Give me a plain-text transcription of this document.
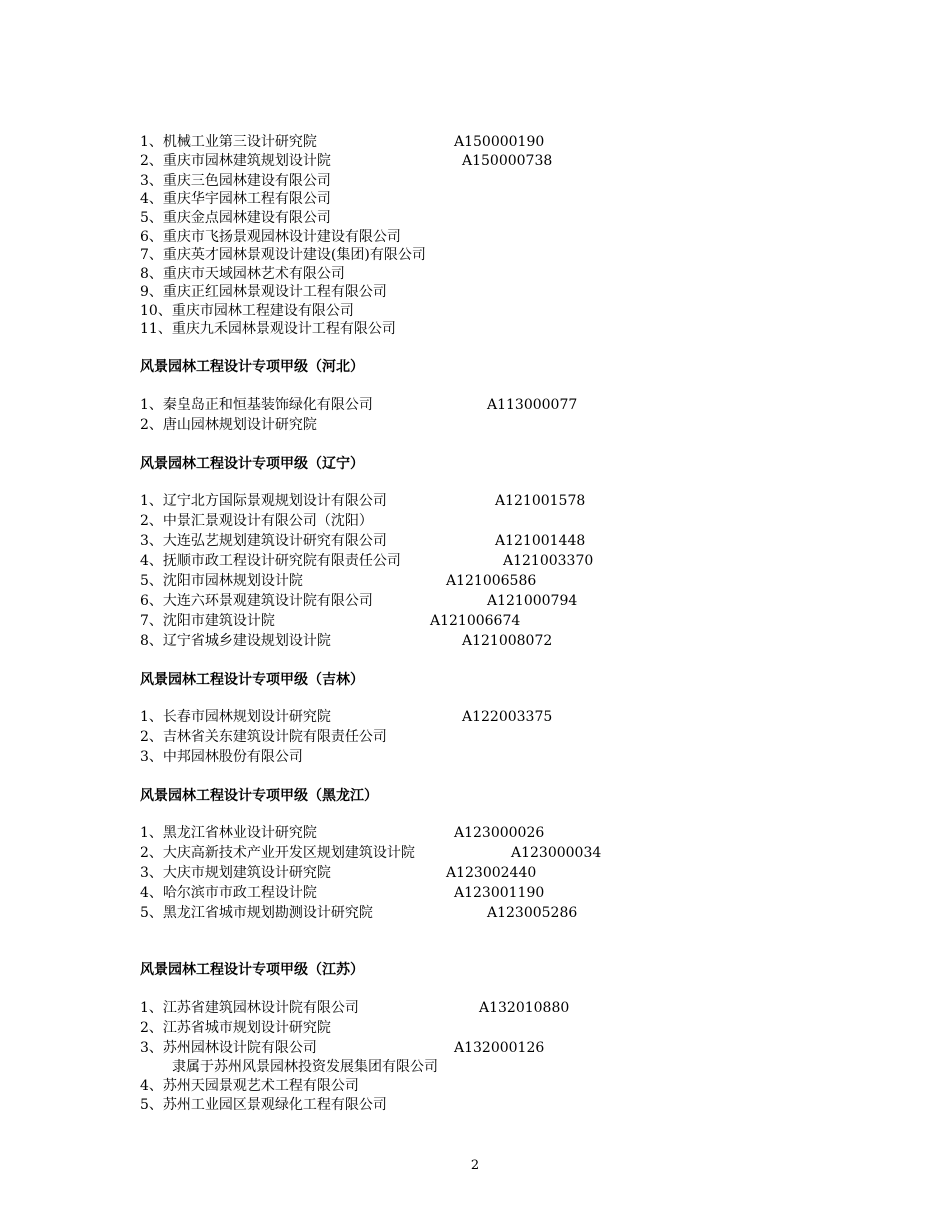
1、机械工业第三设计研究院	A150000190
2、重庆市园林建筑规划设计院	A150000738
3、重庆三色园林建设有限公司
4、重庆华宇园林工程有限公司
5、重庆金点园林建设有限公司
6、重庆市飞扬景观园林设计建设有限公司
7、重庆英才园林景观设计建设(集团)有限公司
8、重庆市天域园林艺术有限公司
9、重庆正红园林景观设计工程有限公司
10、重庆市园林工程建设有限公司
11、重庆九禾园林景观设计工程有限公司
风景园林工程设计专项甲级（河北）
1、秦皇岛正和恒基装饰绿化有限公司	A113000077
2、唐山园林规划设计研究院
风景园林工程设计专项甲级（辽宁）
1、辽宁北方国际景观规划设计有限公司	A121001578
2、中景汇景观设计有限公司（沈阳）
3、大连弘艺规划建筑设计研究有限公司	A121001448
4、抚顺市政工程设计研究院有限责任公司	A121003370
5、沈阳市园林规划设计院	A121006586
6、大连六环景观建筑设计院有限公司	A121000794
7、沈阳市建筑设计院	A121006674
8、辽宁省城乡建设规划设计院	A121008072
风景园林工程设计专项甲级（吉林）
1、长春市园林规划设计研究院	A122003375
2、吉林省关东建筑设计院有限责任公司
3、中邦园林股份有限公司
风景园林工程设计专项甲级（黑龙江）
1、黑龙江省林业设计研究院	A123000026
2、大庆高新技术产业开发区规划建筑设计院	A123000034
3、大庆市规划建筑设计研究院	A123002440
4、哈尔滨市市政工程设计院	A123001190
5、黑龙江省城市规划勘测设计研究院	A123005286
风景园林工程设计专项甲级（江苏）
1、江苏省建筑园林设计院有限公司	A132010880
2、江苏省城市规划设计研究院
3、苏州园林设计院有限公司	A132000126
隶属于苏州风景园林投资发展集团有限公司
4、苏州天园景观艺术工程有限公司
5、苏州工业园区景观绿化工程有限公司
2
